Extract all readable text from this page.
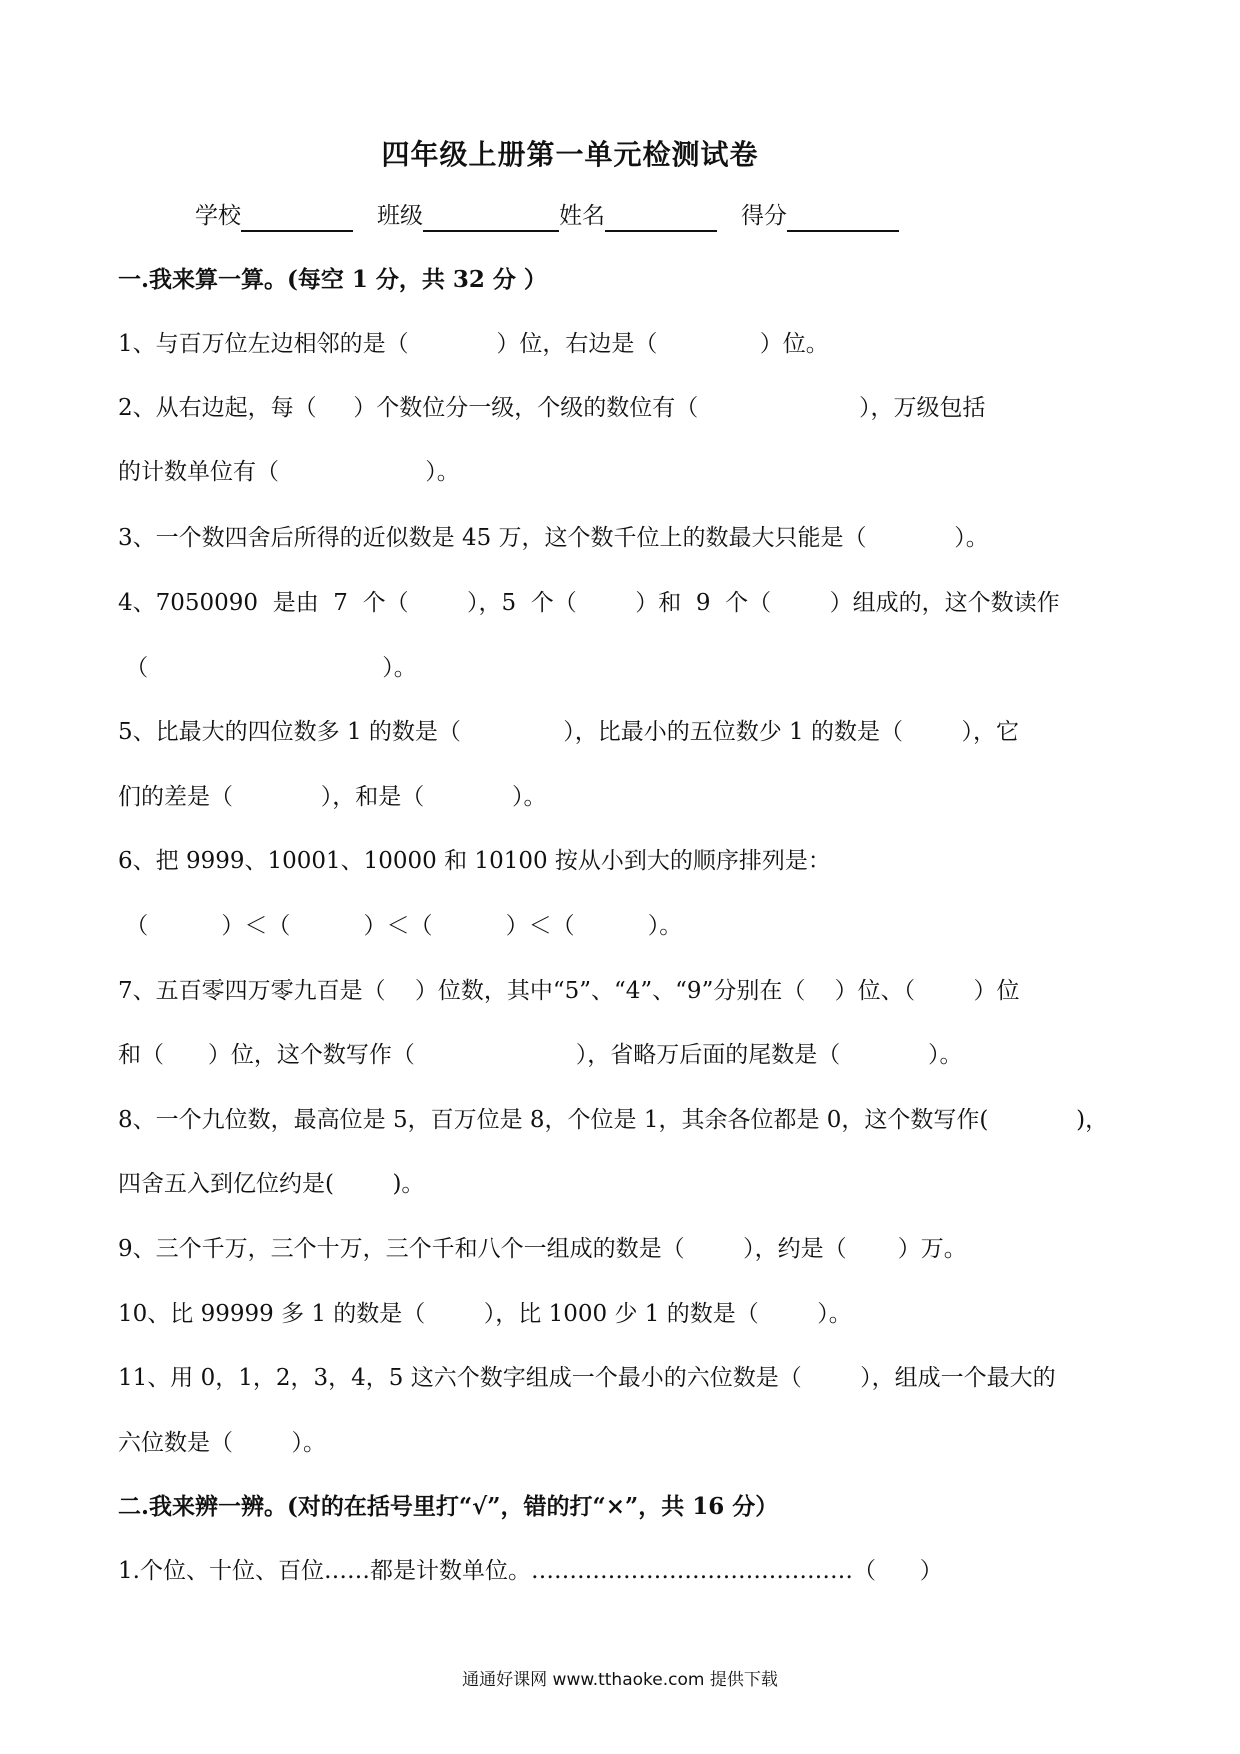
四年级上册第一单元检测试卷
学校	班级	姓名	得分
一.我来算一算。(每空 1 分，共 32 分 ）
1、与百万位左边相邻的是（            ）位，右边是（              ）位。
2、从右边起，每（     ）个数位分一级，个级的数位有（                      ），万级包括
的计数单位有（                    ）。
3、一个数四舍后所得的近似数是 45 万，这个数千位上的数最大只能是（            ）。
4、7050090  是由  7  个（        ），5  个（        ）和  9  个（        ）组成的，这个数读作
（                                ）。
5、比最大的四位数多 1 的数是（              ），比最小的五位数少 1 的数是（        ），它
们的差是（            ），和是（            ）。
6、把 9999、10001、10000 和 10100 按从小到大的顺序排列是：
（          ）＜（          ）＜（          ）＜（          ）。
7、五百零四万零九百是（    ）位数，其中“5”、“4”、“9”分别在（    ）位、（        ）位
和（      ）位，这个数写作（                      ），省略万后面的尾数是（            ）。
8、一个九位数，最高位是 5，百万位是 8，个位是 1，其余各位都是 0，这个数写作(            )，
四舍五入到亿位约是(        )。
9、三个千万，三个十万，三个千和八个一组成的数是（        ），约是（       ）万。
10、比 99999 多 1 的数是（        ），比 1000 少 1 的数是（        ）。
11、用 0，1，2，3，4，5 这六个数字组成一个最小的六位数是（        ），组成一个最大的
六位数是（        ）。
二.我来辨一辨。(对的在括号里打“√”，错的打“×”，共 16 分）
1.个位、十位、百位……都是计数单位。……………………………………（      ）
通通好课网 www.tthaoke.com 提供下载
